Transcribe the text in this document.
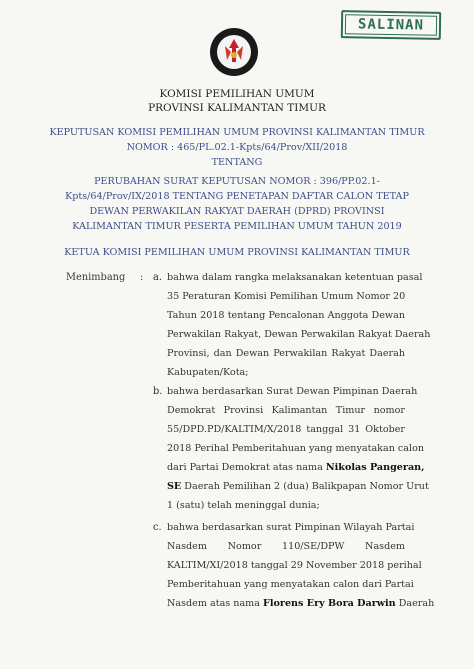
SALINAN
KOMISI PEMILIHAN UMUM
PROVINSI KALIMANTAN TIMUR
KEPUTUSAN KOMISI PEMILIHAN UMUM PROVINSI KALIMANTAN TIMUR
NOMOR : 465/PL.02.1-Kpts/64/Prov/XII/2018
TENTANG
PERUBAHAN SURAT KEPUTUSAN NOMOR : 396/PP.02.1-
Kpts/64/Prov/IX/2018 TENTANG PENETAPAN DAFTAR CALON TETAP
DEWAN PERWAKILAN RAKYAT DAERAH (DPRD) PROVINSI
KALIMANTAN TIMUR PESERTA PEMILIHAN UMUM TAHUN 2019
KETUA KOMISI PEMILIHAN UMUM PROVINSI KALIMANTAN TIMUR
Menimbang : a. bahwa dalam rangka melaksanakan ketentuan pasal
35 Peraturan Komisi Pemilihan Umum Nomor 20
Tahun 2018 tentang Pencalonan Anggota Dewan
Perwakilan Rakyat, Dewan Perwakilan Rakyat Daerah
Provinsi, dan Dewan Perwakilan Rakyat Daerah
Kabupaten/Kota;
b. bahwa berdasarkan Surat Dewan Pimpinan Daerah
Demokrat Provinsi Kalimantan Timur nomor
55/DPD.PD/KALTIM/X/2018 tanggal 31 Oktober
2018 Perihal Pemberitahuan yang menyatakan calon
dari Partai Demokrat atas nama Nikolas Pangeran,
SE Daerah Pemilihan 2 (dua) Balikpapan Nomor Urut
1 (satu) telah meninggal dunia;
c. bahwa berdasarkan surat Pimpinan Wilayah Partai
Nasdem Nomor 110/SE/DPW Nasdem
KALTIM/XI/2018 tanggal 29 November 2018 perihal
Pemberitahuan yang menyatakan calon dari Partai
Nasdem atas nama Florens Ery Bora Darwin Daerah
